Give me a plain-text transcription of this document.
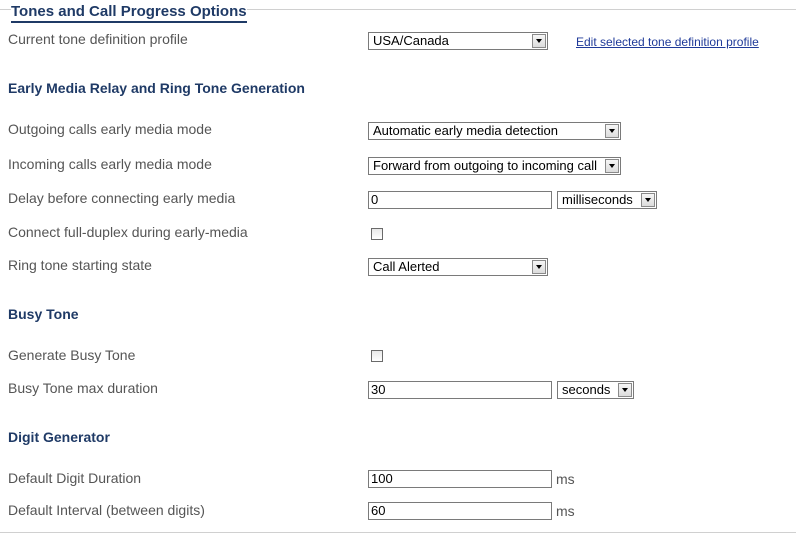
Tones and Call Progress Options
Current tone definition profile	USA/Canada	Edit selected tone definition profile
Early Media Relay and Ring Tone Generation
Outgoing calls early media mode	Automatic early media detection
Incoming calls early media mode	Forward from outgoing to incoming call
Delay before connecting early media	0	milliseconds
Connect full-duplex during early-media
Ring tone starting state	Call Alerted
Busy Tone
Generate Busy Tone
Busy Tone max duration	30	seconds
Digit Generator
Default Digit Duration	100	ms
Default Interval (between digits)	60	ms
